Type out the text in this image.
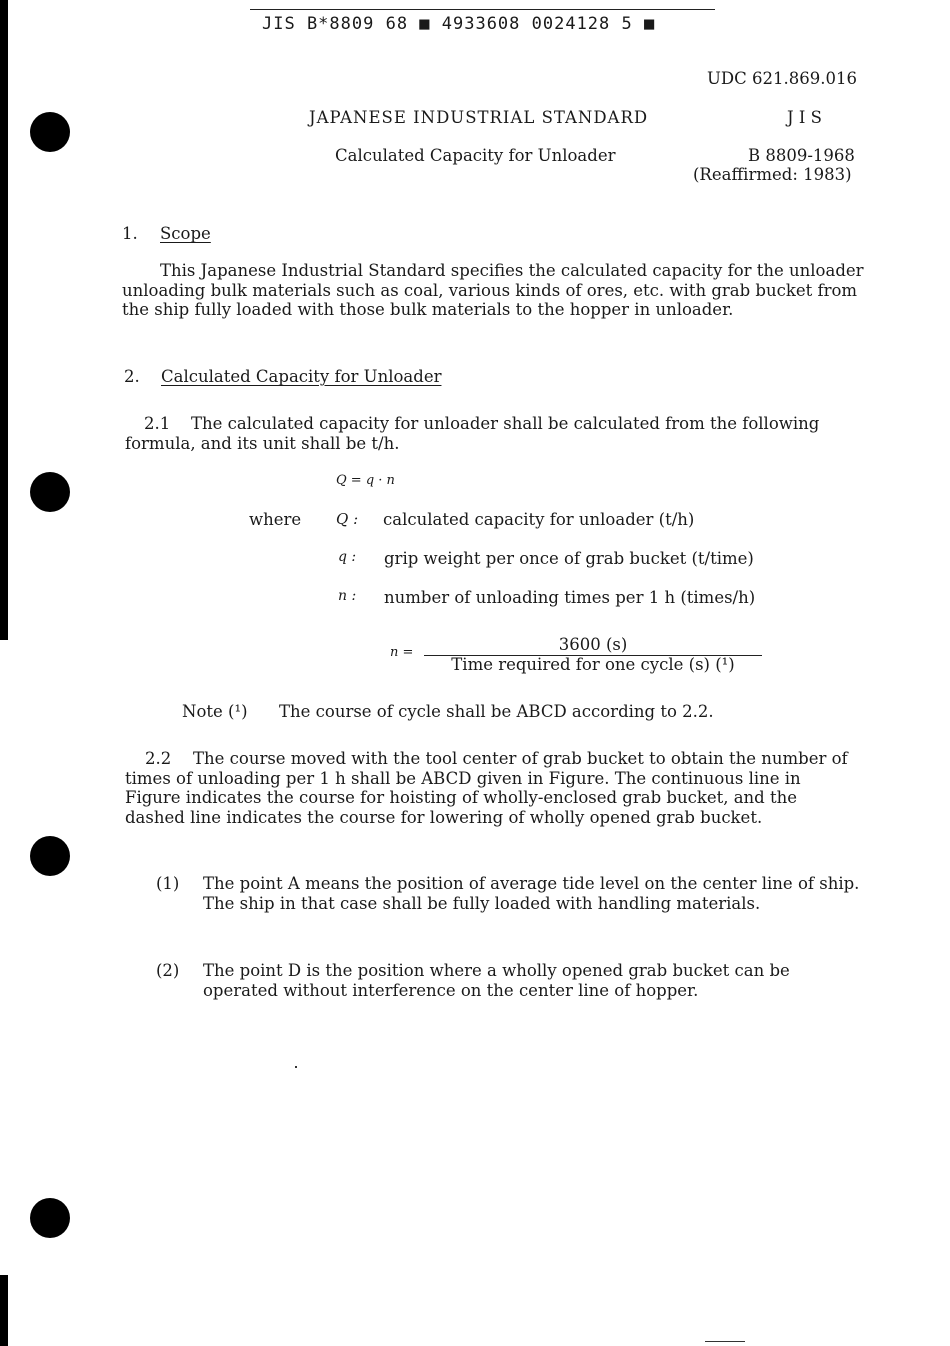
JIS B*8809 68 ■ 4933608 0024128 5 ■
UDC 621.869.016
JAPANESE INDUSTRIAL STANDARD	J I S
Calculated Capacity for Unloader	B 8809-1968
(Reaffirmed: 1983)
1. Scope
This Japanese Industrial Standard specifies the calculated capacity for the unloader unloading bulk materials such as coal, various kinds of ores, etc. with grab bucket from the ship fully loaded with those bulk materials to the hopper in unloader.
2. Calculated Capacity for Unloader
2.1	The calculated capacity for unloader shall be calculated from the following formula, and its unit shall be t/h.
Q = q · n
where Q : calculated capacity for unloader (t/h)
q : grip weight per once of grab bucket (t/time)
n : number of unloading times per 1 h (times/h)
n =	3600 (s)
Time required for one cycle (s) (¹)
Note (¹) The course of cycle shall be ABCD according to 2.2.
2.2	The course moved with the tool center of grab bucket to obtain the number of times of unloading per 1 h shall be ABCD given in Figure. The continuous line in Figure indicates the course for hoisting of wholly-enclosed grab bucket, and the dashed line indicates the course for lowering of wholly opened grab bucket.
(1) The point A means the position of average tide level on the center line of ship. The ship in that case shall be fully loaded with handling materials.
(2) The point D is the position where a wholly opened grab bucket can be operated without interference on the center line of hopper.
